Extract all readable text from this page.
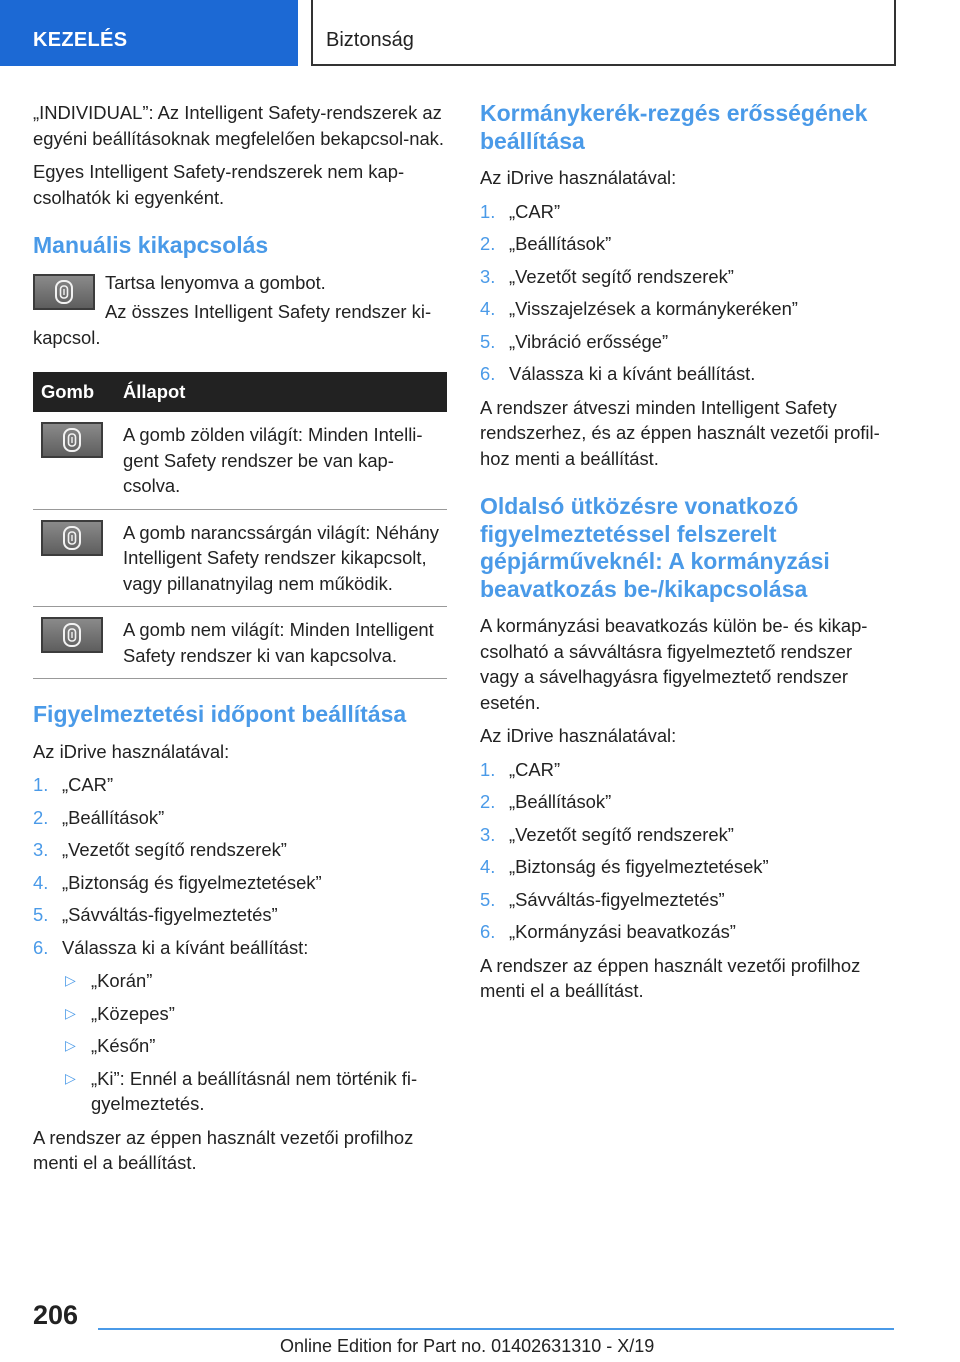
KEZELÉS	Biztonság

„INDIVIDUAL”: Az Intelligent Safety-rendszerek az egyéni beállításoknak megfelelően bekapcsol-nak.

Egyes Intelligent Safety-rendszerek nem kap-csolhatók ki egyenként.

Manuális kikapcsolás

Tartsa lenyomva a gombot.

Az összes Intelligent Safety rendszer ki-kapcsol.

Gomb	Állapot

	A gomb zölden világít: Minden Intelli-gent Safety rendszer be van kap-csolva.

	A gomb narancssárgán világít: Néhány Intelligent Safety rendszer kikapcsolt, vagy pillanatnyilag nem működik.

	A gomb nem világít: Minden Intelligent Safety rendszer ki van kapcsolva.
Figyelmeztetési időpont beállítása

Az iDrive használatával:

1. „CAR”
2. „Beállítások”
3. „Vezetőt segítő rendszerek”
4. „Biztonság és figyelmeztetések”
5. „Sávváltás-figyelmeztetés”
6. Válassza ki a kívánt beállítást:
▷ „Korán”
▷ „Közepes”
▷ „Későn”
▷ „Ki”: Ennél a beállításnál nem történik fi-gyelmeztetés.

A rendszer az éppen használt vezetői profilhoz menti el a beállítást.

Kormánykerék-rezgés erősségének beállítása

Az iDrive használatával:

1. „CAR”
2. „Beállítások”
3. „Vezetőt segítő rendszerek”
4. „Visszajelzések a kormánykeréken”
5. „Vibráció erőssége”
6. Válassza ki a kívánt beállítást.

A rendszer átveszi minden Intelligent Safety rendszerhez, és az éppen használt vezetői profil-hoz menti a beállítást.

Oldalsó ütközésre vonatkozó figyelmeztetéssel felszerelt gépjárműveknél: A kormányzási beavatkozás be-/kikapcsolása

A kormányzási beavatkozás külön be- és kikap-csolható a sávváltásra figyelmeztető rendszer vagy a sávelhagyásra figyelmeztető rendszer esetén.

Az iDrive használatával:

1. „CAR”
2. „Beállítások”
3. „Vezetőt segítő rendszerek”
4. „Biztonság és figyelmeztetések”
5. „Sávváltás-figyelmeztetés”
6. „Kormányzási beavatkozás”

A rendszer az éppen használt vezetői profilhoz menti el a beállítást.

206
Online Edition for Part no. 01402631310 - X/19
